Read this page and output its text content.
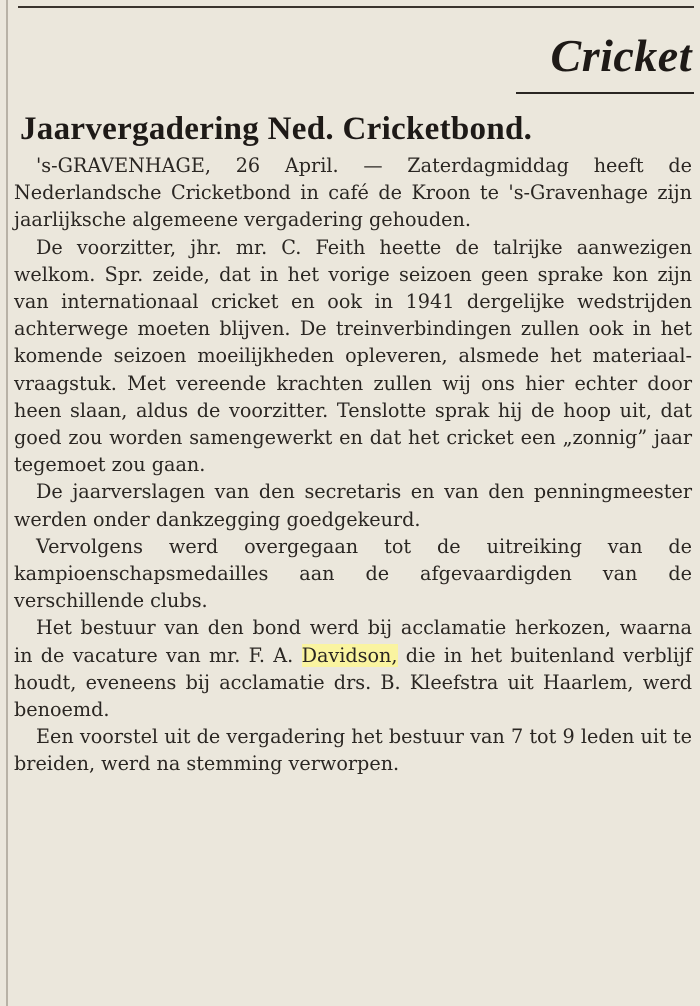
Cricket
Jaarvergadering Ned. Cricketbond.

's-GRAVENHAGE, 26 April. — Zaterdagmiddag heeft de Nederlandsche Cricketbond in café de Kroon te 's-Gravenhage zijn jaarlijksche algemeene vergadering gehouden.

De voorzitter, jhr. mr. C. Feith heette de talrijke aanwezigen welkom. Spr. zeide, dat in het vorige seizoen geen sprake kon zijn van internationaal cricket en ook in 1941 dergelijke wedstrijden achterwege moeten blijven. De treinverbindingen zullen ook in het komende seizoen moeilijkheden opleveren, alsmede het materiaal-vraagstuk. Met vereende krachten zullen wij ons hier echter door heen slaan, aldus de voorzitter. Tenslotte sprak hij de hoop uit, dat goed zou worden samengewerkt en dat het cricket een „zonnig” jaar tegemoet zou gaan.

De jaarverslagen van den secretaris en van den penningmeester werden onder dankzegging goedgekeurd.

Vervolgens werd overgegaan tot de uitreiking van de kampioenschapsmedailles aan de afgevaardigden van de verschillende clubs.

Het bestuur van den bond werd bij acclamatie herkozen, waarna in de vacature van mr. F. A. Davidson, die in het buitenland verblijf houdt, eveneens bij acclamatie drs. B. Kleefstra uit Haarlem, werd benoemd.

Een voorstel uit de vergadering het bestuur van 7 tot 9 leden uit te breiden, werd na stemming verworpen.
